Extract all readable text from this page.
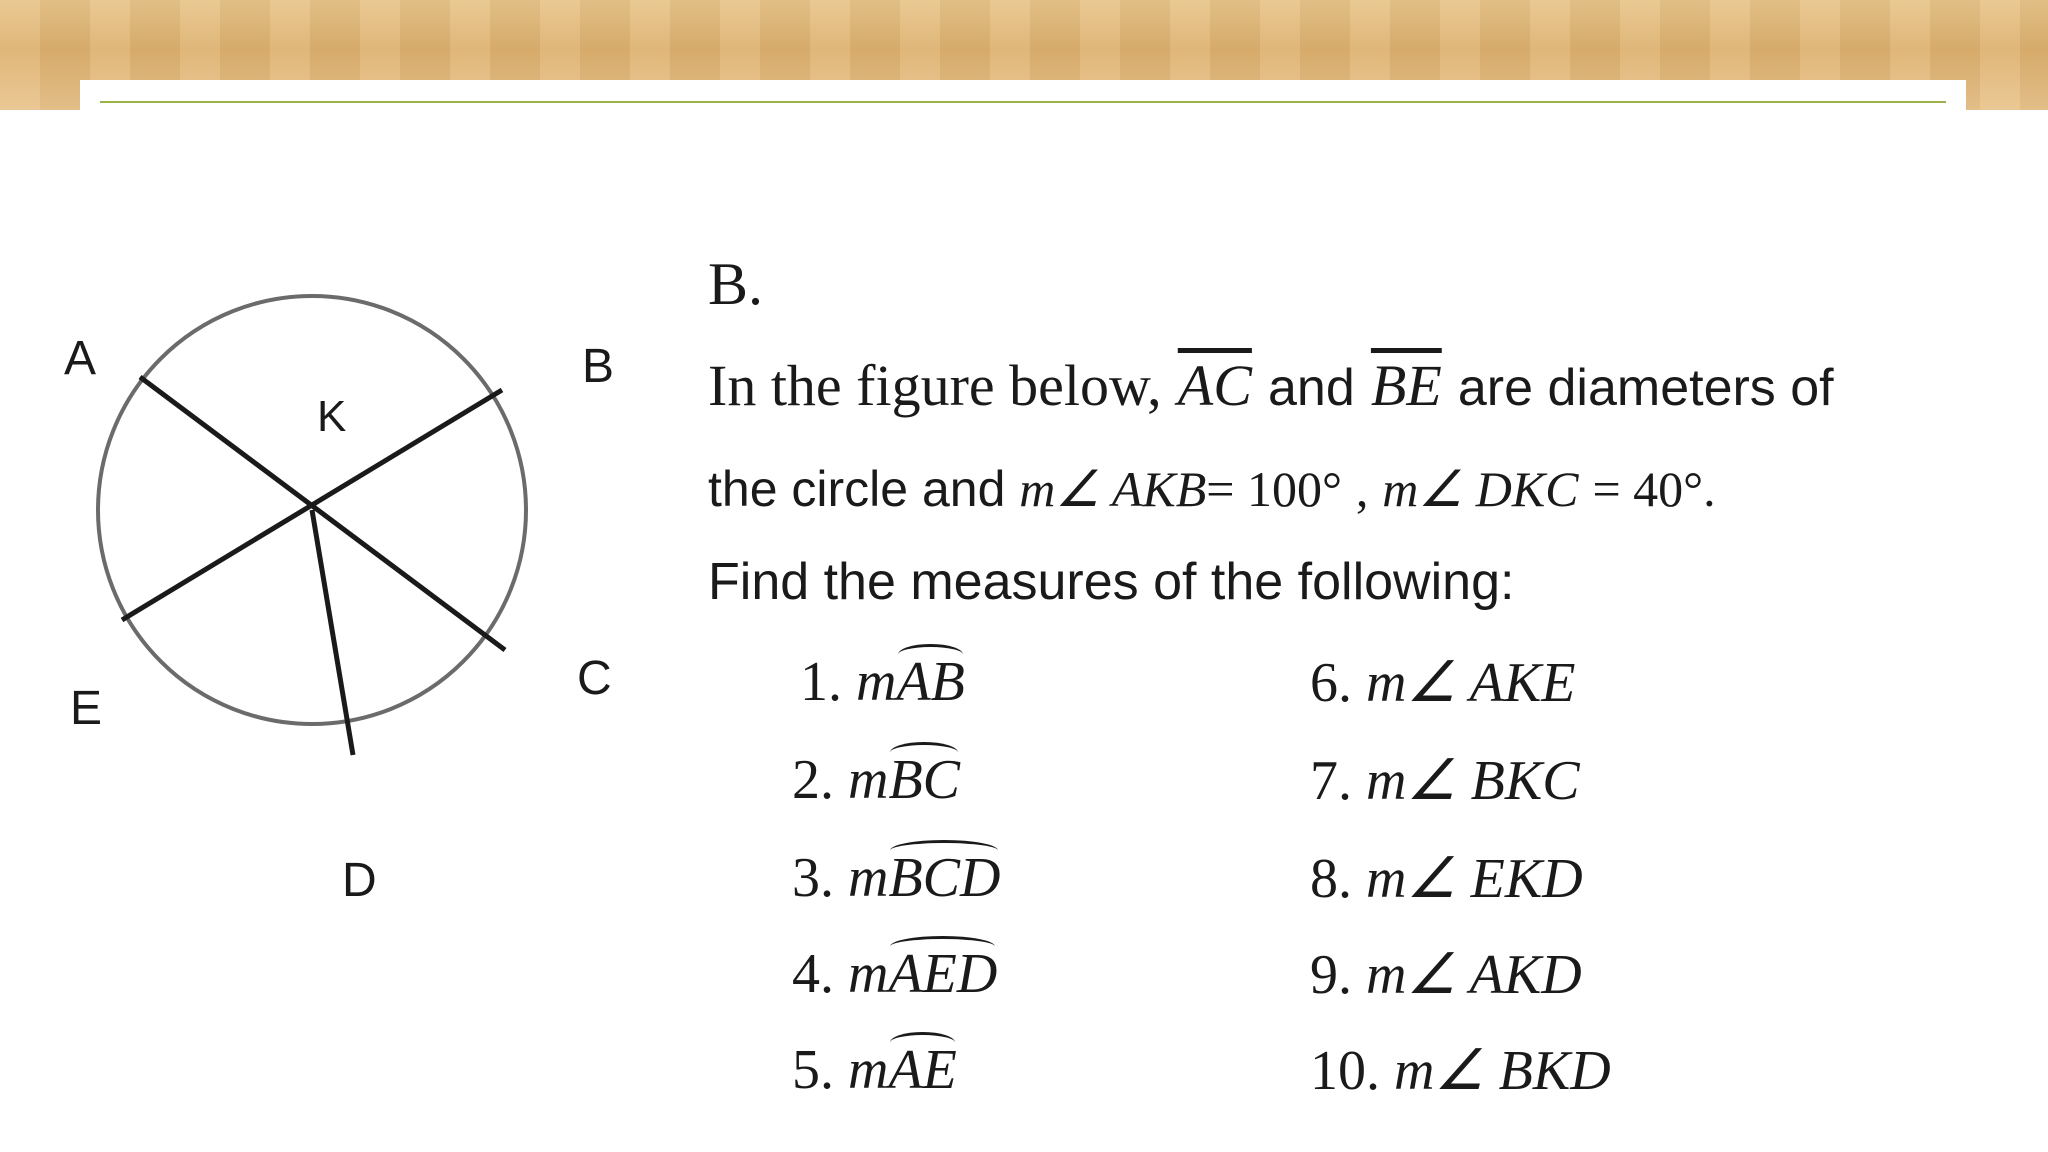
A	B
C
D
E
K
B.
In the figure below, $\overline{AC}$ and $\overline{BE}$ are diameters of
the circle and m∠ AKB= 100° , m∠ DKC = 40°.
Find the measures of the following:
1. mAB
2. mBC
3. mBCD
4. mAED
5. mAE
6. m∠ AKE
7. m∠ BKC
8. m∠ EKD
9. m∠ AKD
10. m∠ BKD
